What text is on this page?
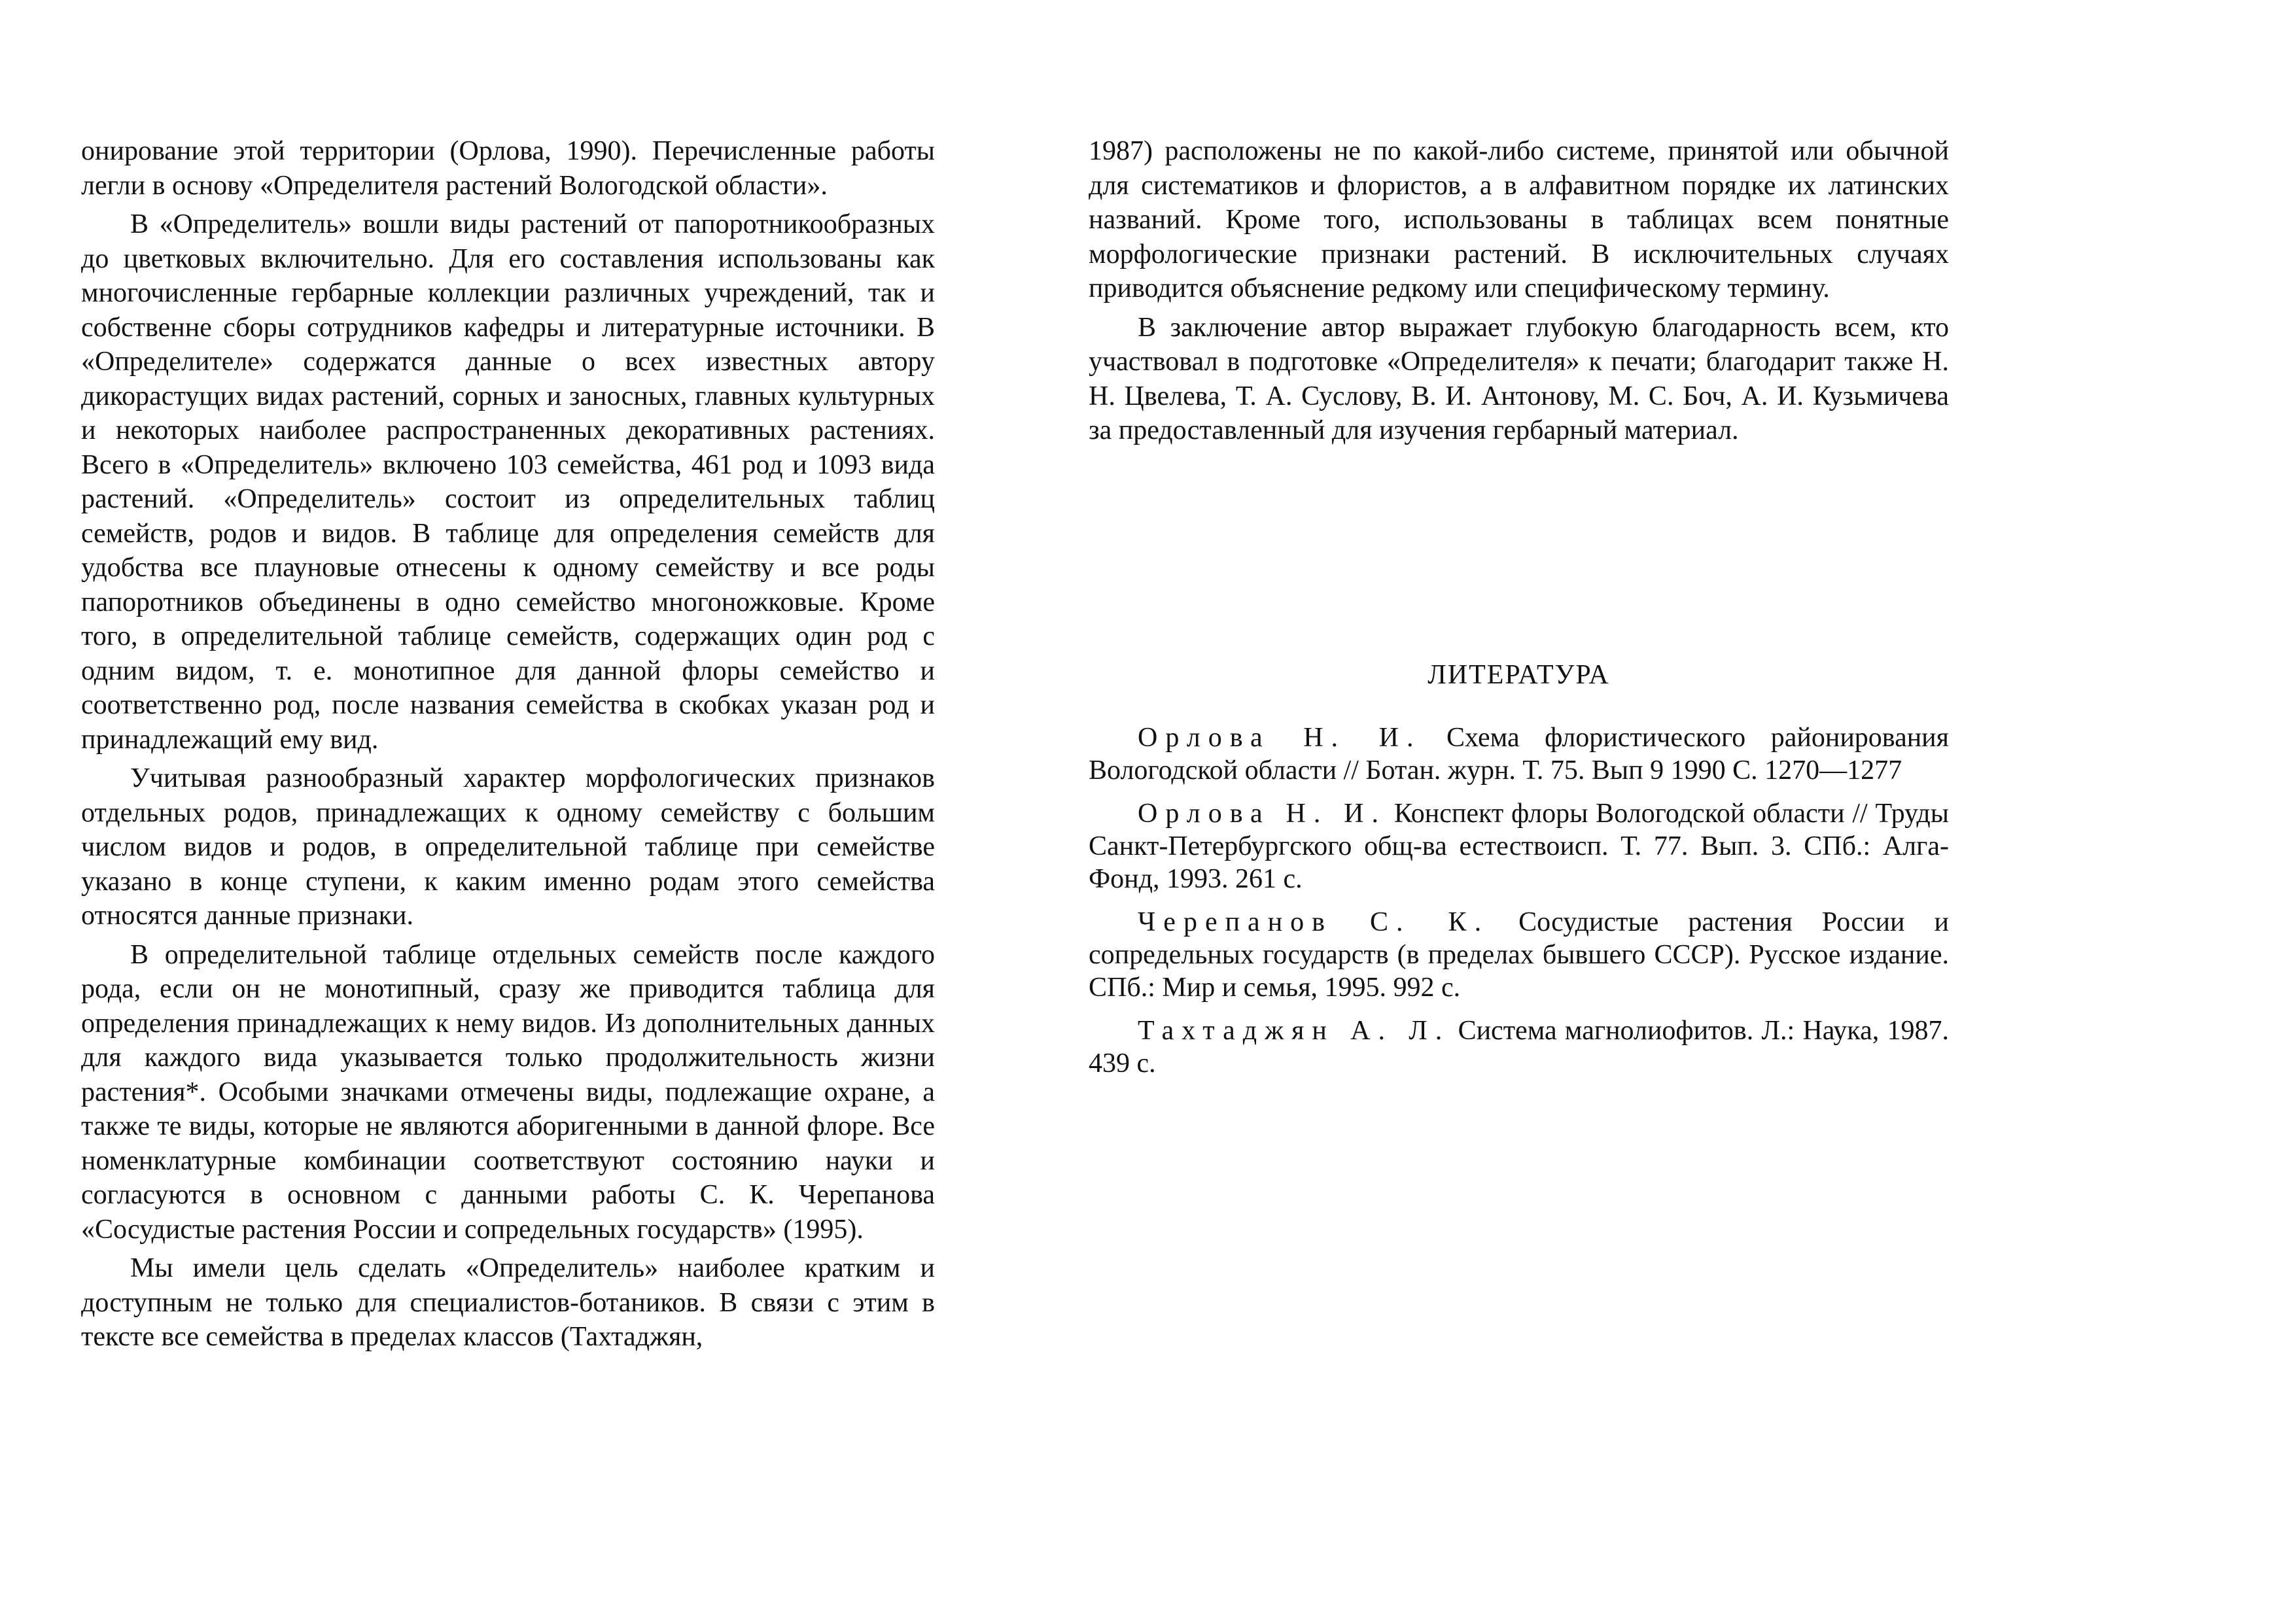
онирование этой территории (Орлова, 1990). Перечисленные работы легли в основу «Определителя растений Вологодской области».

В «Определитель» вошли виды растений от папоротникообразных до цветковых включительно. Для его составления использованы как многочисленные гербарные коллекции различных учреждений, так и собственне сборы сотрудников кафедры и литературные источники. В «Определителе» содержатся данные о всех известных автору дикорастущих видах растений, сорных и заносных, главных культурных и некоторых наиболее распространенных декоративных растениях. Всего в «Определитель» включено 103 семейства, 461 род и 1093 вида растений. «Определитель» состоит из определительных таблиц семейств, родов и видов. В таблице для определения семейств для удобства все плауновые отнесены к одному семейству и все роды папоротников объединены в одно семейство многоножковые. Кроме того, в определительной таблице семейств, содержащих один род с одним видом, т. е. монотипное для данной флоры семейство и соответственно род, после названия семейства в скобках указан род и принадлежащий ему вид.

Учитывая разнообразный характер морфологических признаков отдельных родов, принадлежащих к одному семейству с большим числом видов и родов, в определительной таблице при семействе указано в конце ступени, к каким именно родам этого семейства относятся данные признаки.

В определительной таблице отдельных семейств после каждого рода, если он не монотипный, сразу же приводится таблица для определения принадлежащих к нему видов. Из дополнительных данных для каждого вида указывается только продолжительность жизни растения*. Особыми значками отмечены виды, подлежащие охране, а также те виды, которые не являются аборигенными в данной флоре. Все номенклатурные комбинации соответствуют состоянию науки и согласуются в основном с данными работы С. К. Черепанова «Сосудистые растения России и сопредельных государств» (1995).

Мы имели цель сделать «Определитель» наиболее кратким и доступным не только для специалистов-ботаников. В связи с этим в тексте все семейства в пределах классов (Тахтаджян,

1987) расположены не по какой-либо системе, принятой или обычной для систематиков и флористов, а в алфавитном порядке их латинских названий. Кроме того, использованы в таблицах всем понятные морфологические признаки растений. В исключительных случаях приводится объяснение редкому или специфическому термину.

В заключение автор выражает глубокую благодарность всем, кто участвовал в подготовке «Определителя» к печати; благодарит также Н. Н. Цвелева, Т. А. Суслову, В. И. Антонову, М. С. Боч, А. И. Кузьмичева за предоставленный для изучения гербарный материал.

ЛИТЕРАТУРА

Орлова Н. И. Схема флористического районирования Вологодской области // Ботан. журн. Т. 75. Вып 9 1990 С. 1270—1277

Орлова Н. И. Конспект флоры Вологодской области // Труды Санкт-Петербургского общ-ва естествоисп. Т. 77. Вып. 3. СПб.: Алга-Фонд, 1993. 261 с.

Черепанов С. К. Сосудистые растения России и сопредельных государств (в пределах бывшего СССР). Русское издание. СПб.: Мир и семья, 1995. 992 с.

Тахтаджян А. Л. Система магнолиофитов. Л.: Наука, 1987. 439 с.
